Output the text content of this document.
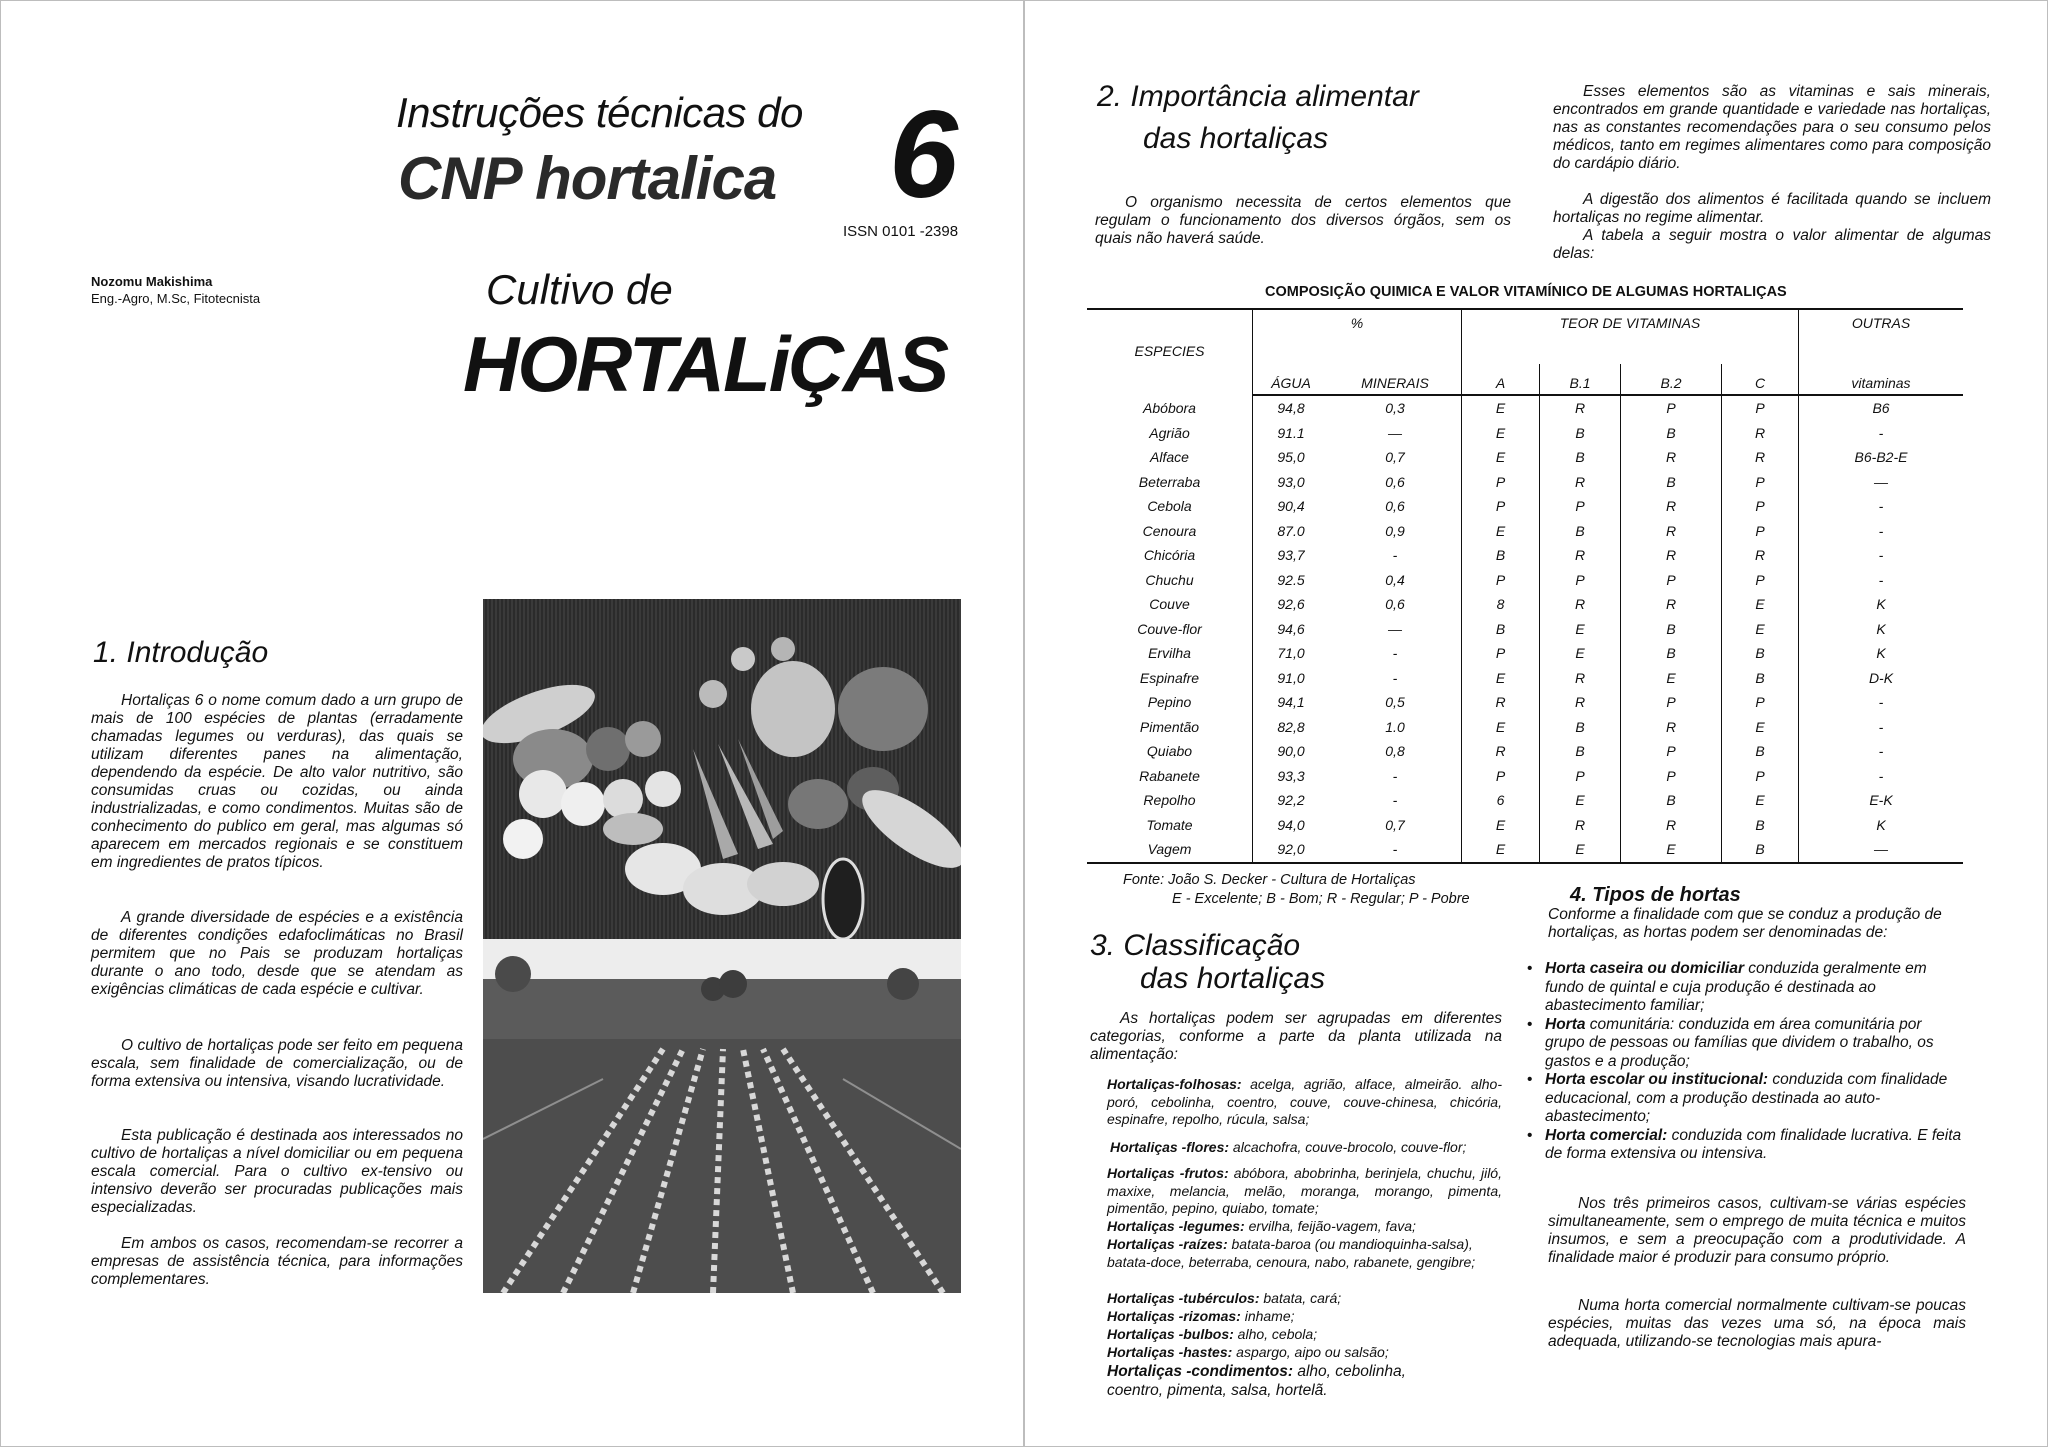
Instruções técnicas do
CNP hortalica 6
ISSN 0101 -2398
Nozomu Makishima
Eng.-Agro, M.Sc, Fitotecnista	Cultivo de
HORTALiÇAS
1. Introdução

Hortaliças 6 o nome comum dado a urn grupo de mais de 100 espécies de plantas (erradamente chamadas legumes ou verduras), das quais se utilizam diferentes panes na alimentação, dependendo da espécie. De alto valor nutritivo, são consumidas cruas ou cozidas, ou ainda industrializadas, e como condimentos. Muitas são de conhecimento do publico em geral, mas algumas só aparecem em mercados regionais e se constituem em ingredientes de pratos típicos.

A grande diversidade de espécies e a existência de diferentes condições edafoclimáticas no Brasil permitem que no Pais se produzam hortaliças durante o ano todo, desde que se atendam as exigências climáticas de cada espécie e cultivar.

O cultivo de hortaliças pode ser feito em pequena escala, sem finalidade de comercialização, ou de forma extensiva ou intensiva, visando lucratividade.

Esta publicação é destinada aos interessados no cultivo de hortaliças a nível domiciliar ou em pequena escala comercial. Para o cultivo ex-tensivo ou intensivo deverão ser procuradas publicações mais especializadas.

Em ambos os casos, recomendam-se recorrer a empresas de assistência técnica, para informações complementares.

2. Importância alimentar
das hortaliças

O organismo necessita de certos elementos que regulam o funcionamento dos diversos órgãos, sem os quais não haverá saúde.

Esses elementos são as vitaminas e sais minerais, encontrados em grande quantidade e variedade nas hortaliças, nas as constantes recomendações para o seu consumo pelos médicos, tanto em regimes alimentares como para composição do cardápio diário.

A digestão dos alimentos é facilitada quando se incluem hortaliças no regime alimentar.

A tabela a seguir mostra o valor alimentar de algumas delas:

COMPOSIÇÃO QUIMICA E VALOR VITAMÍNICO DE ALGUMAS HORTALIÇAS
ESPECIES	%		TEOR DE VITAMINAS				OUTRAS
	ÁGUA	MINERAIS	A	B.1	B.2	C	vitaminas
Abóbora	94,8	0,3	E	R	P	P	B6
Agrião	91.1	—	E	B	B	R	-
Alface	95,0	0,7	E	B	R	R	B6-B2-E
Beterraba	93,0	0,6	P	R	B	P	—
Cebola	90,4	0,6	P	P	R	P	-
Cenoura	87.0	0,9	E	B	R	P	-
Chicória	93,7	-	B	R	R	R	-
Chuchu	92.5	0,4	P	P	P	P	-
Couve	92,6	0,6	8	R	R	E	K
Couve-flor	94,6	—	B	E	B	E	K
Ervilha	71,0	-	P	E	B	B	K
Espinafre	91,0	-	E	R	E	B	D-K
Pepino	94,1	0,5	R	R	P	P	-
Pimentão	82,8	1.0	E	B	R	E	-
Quiabo	90,0	0,8	R	B	P	B	-
Rabanete	93,3	-	P	P	P	P	-
Repolho	92,2	-	6	E	B	E	E-K
Tomate	94,0	0,7	E	R	R	B	K
Vagem	92,0	-	E	E	E	B	—
Fonte: João S. Decker - Cultura de Hortaliças
E - Excelente; B - Bom; R - Regular; P - Pobre
3. Classificação
das hortaliças

As hortaliças podem ser agrupadas em diferentes categorias, conforme a parte da planta utilizada na alimentação:

Hortaliças-folhosas: acelga, agrião, alface, almeirão. alho-poró, cebolinha, coentro, couve, couve-chinesa, chicória, espinafre, repolho, rúcula, salsa;
Hortaliças -flores: alcachofra, couve-brocolo, couve-flor;
Hortaliças -frutos: abóbora, abobrinha, berinjela, chuchu, jiló, maxixe, melancia, melão, moranga, morango, pimenta, pimentão, pepino, quiabo, tomate;
Hortaliças -legumes: ervilha, feijão-vagem, fava;
Hortaliças -raízes: batata-baroa (ou mandioquinha-salsa), batata-doce, beterraba, cenoura, nabo, rabanete, gengibre;
Hortaliças -tubérculos: batata, cará;
Hortaliças -rizomas: inhame;
Hortaliças -bulbos: alho, cebola;
Hortaliças -hastes: aspargo, aipo ou salsão;
Hortaliças -condimentos: alho, cebolinha, coentro, pimenta, salsa, hortelã.
4. Tipos de hortas

Conforme a finalidade com que se conduz a produção de hortaliças, as hortas podem ser denominadas de:

• Horta caseira ou domiciliar conduzida geralmente em fundo de quintal e cuja produção é destinada ao abastecimento familiar;
• Horta comunitária: conduzida em área comunitária por grupo de pessoas ou famílias que dividem o trabalho, os gastos e a produção;
• Horta escolar ou institucional: conduzida com finalidade educacional, com a produção destinada ao auto-abastecimento;
• Horta comercial: conduzida com finalidade lucrativa. E feita de forma extensiva ou intensiva.

Nos três primeiros casos, cultivam-se várias espécies simultaneamente, sem o emprego de muita técnica e muitos insumos, e sem a preocupação com a produtividade. A finalidade maior é produzir para consumo próprio.

Numa horta comercial normalmente cultivam-se poucas espécies, muitas das vezes uma só, na época mais adequada, utilizando-se tecnologias mais apura-
